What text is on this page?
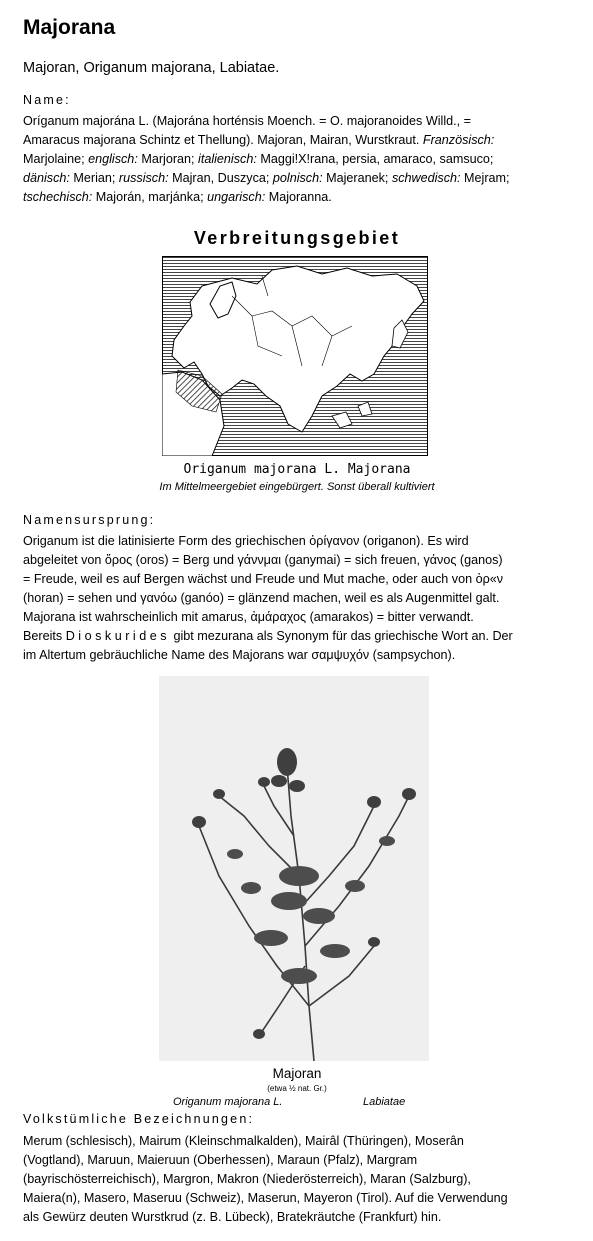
Majorana
Majoran, Origanum majorana, Labiatae.
Name:
Oríganum majorána L. (Majorána horténsis Moench. = O. majoranoides Willd., =
Amaracus majorana Schintz et Thellung). Majoran, Mairan, Wurstkraut. Französisch:
Marjolaine; englisch: Marjoran; italienisch: Maggi!X!rana, persia, amaraco, samsuco;
dänisch: Merian; russisch: Majran, Duszyca; polnisch: Majeranek; schwedisch: Mejram;
tschechisch: Majorán, marjánka; ungarisch: Majoranna.
Verbreitungsgebiet
Origanum majorana L. Majorana
Im Mittelmeergebiet eingebürgert. Sonst überall kultiviert
Namensursprung:
Origanum ist die latinisierte Form des griechischen ὀρίγανον (origanon). Es wird
abgeleitet von ὄρος (oros) = Berg und γάννμαι (ganymai) = sich freuen, γάνος (ganos)
= Freude, weil es auf Bergen wächst und Freude und Mut mache, oder auch von ὀρ«ν
(horan) = sehen und γανόω (ganóo) = glänzend machen, weil es als Augenmittel galt.
Majorana ist wahrscheinlich mit amarus, ἀμάραχος (amarakos) = bitter verwandt.
Bereits Dioskurides gibt mezurana als Synonym für das griechische Wort an. Der
im Altertum gebräuchliche Name des Majorans war σαμψυχόν (sampsychon).
Majoran
(etwa ½ nat. Gr.)
Origanum majorana L.	Labiatae
Volkstümliche Bezeichnungen:
Merum (schlesisch), Mairum (Kleinschmalkalden), Mairâl (Thüringen), Moserân
(Vogtland), Maruun, Maieruun (Oberhessen), Maraun (Pfalz), Margram
(bayrischösterreichisch), Margron, Makron (Niederösterreich), Maran (Salzburg),
Maiera(n), Masero, Maseruu (Schweiz), Maserun, Mayeron (Tirol). Auf die Verwendung
als Gewürz deuten Wurstkrud (z. B. Lübeck), Bratekräutche (Frankfurt) hin.
